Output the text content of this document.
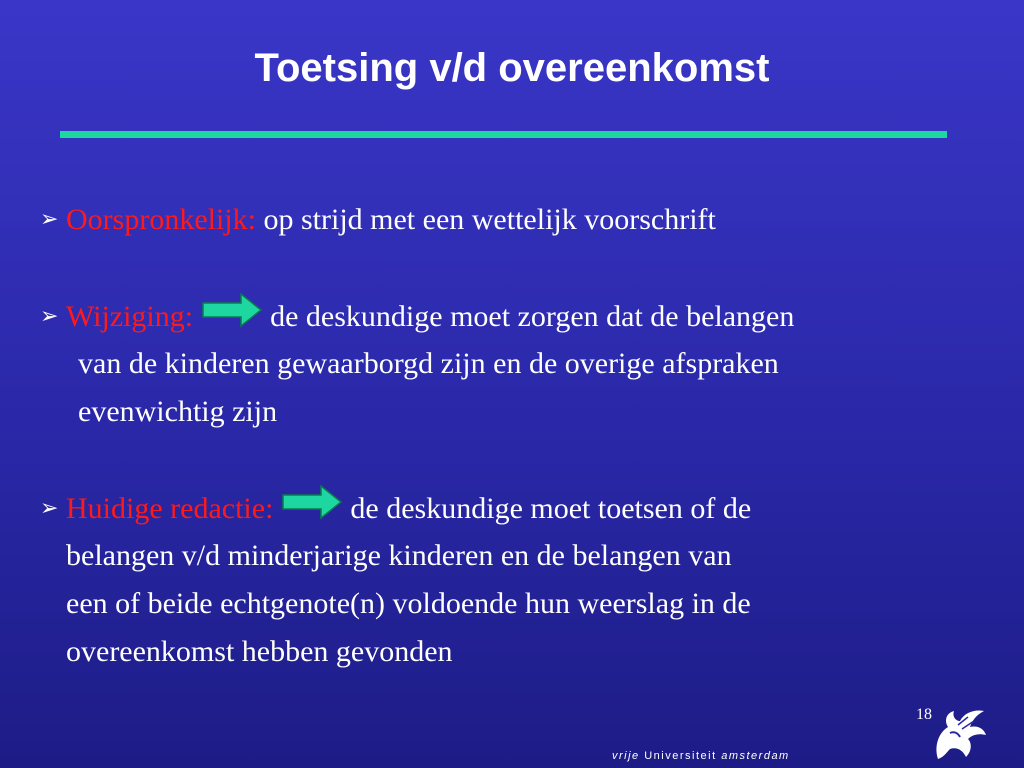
Toetsing v/d overeenkomst
➢ Oorspronkelijk: op strijd met een wettelijk voorschrift
➢ Wijziging:	de deskundige moet zorgen dat de belangen
van de kinderen gewaarborgd zijn en de overige afspraken
evenwichtig zijn
➢ Huidige redactie:	de deskundige moet toetsen of de
belangen v/d minderjarige kinderen en de belangen van
een of beide echtgenote(n) voldoende hun weerslag in de
overeenkomst hebben gevonden
18
vrije Universiteit amsterdam
